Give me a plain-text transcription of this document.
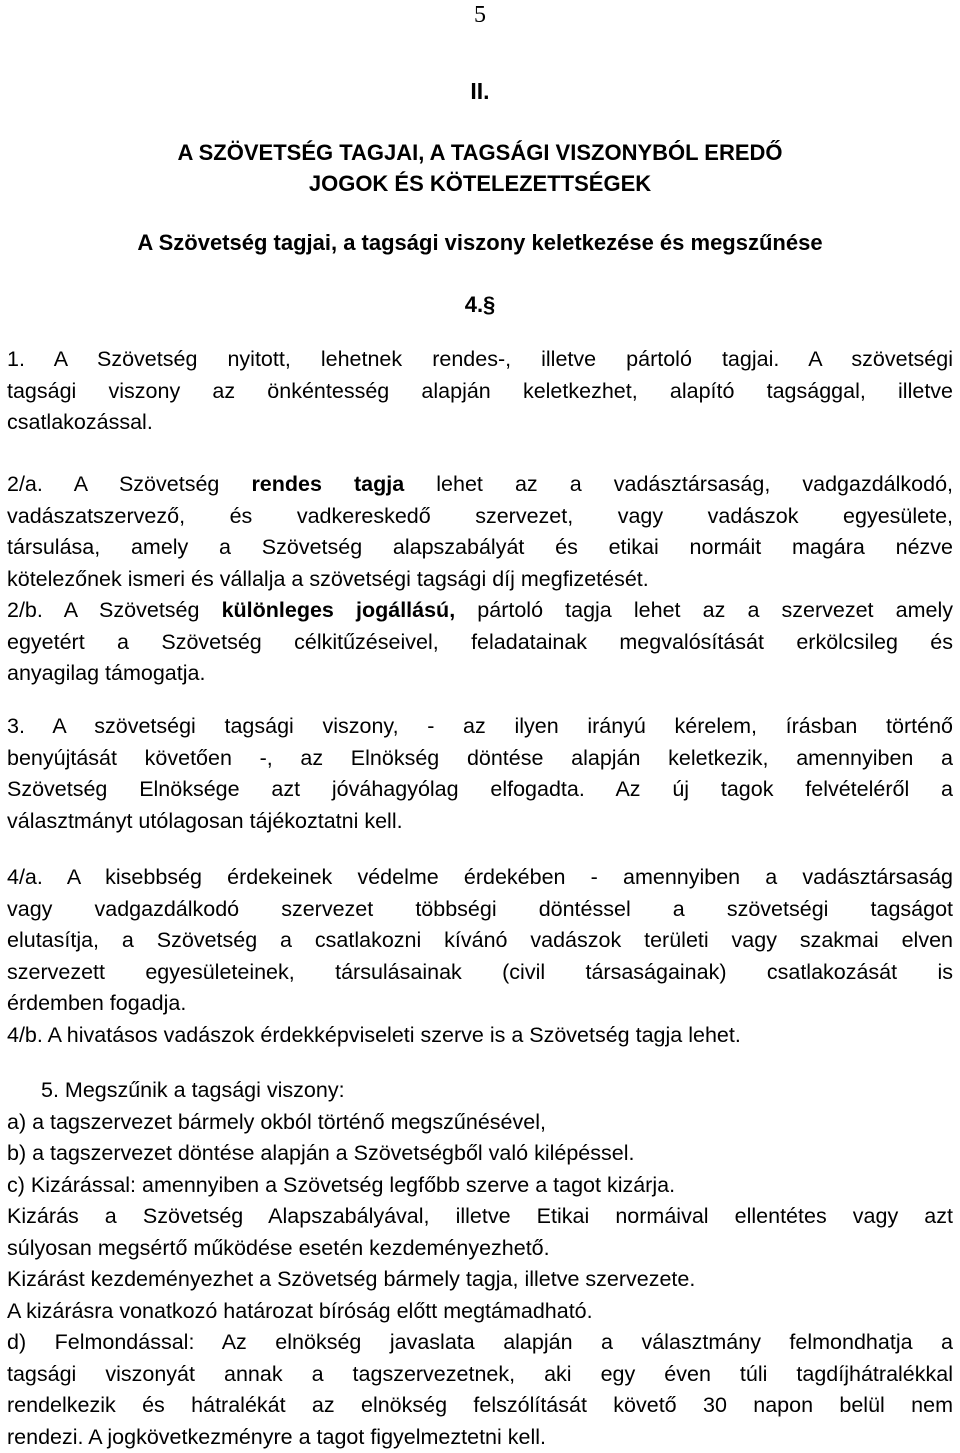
5
II.
A SZÖVETSÉG TAGJAI, A TAGSÁGI VISZONYBÓL EREDŐ
JOGOK ÉS KÖTELEZETTSÉGEK
A Szövetség tagjai, a tagsági viszony keletkezése és megszűnése
4.§
1. A Szövetség nyitott, lehetnek rendes-, illetve pártoló tagjai. A szövetségi
tagsági viszony az önkéntesség alapján keletkezhet, alapító tagsággal, illetve
csatlakozással.
2/a. A Szövetség rendes tagja lehet az a vadásztársaság, vadgazdálkodó,
vadászatszervező, és vadkereskedő szervezet, vagy vadászok egyesülete,
társulása, amely a Szövetség alapszabályát és etikai normáit magára nézve
kötelezőnek ismeri és vállalja a szövetségi tagsági díj megfizetését.
2/b. A Szövetség különleges jogállású, pártoló tagja lehet az a szervezet amely
egyetért a Szövetség célkitűzéseivel, feladatainak megvalósítását erkölcsileg és
anyagilag támogatja.
3. A szövetségi tagsági viszony, - az ilyen irányú kérelem, írásban történő
benyújtását követően -, az Elnökség döntése alapján keletkezik, amennyiben a
Szövetség Elnöksége azt jóváhagyólag elfogadta. Az új tagok felvételéről a
választmányt utólagosan tájékoztatni kell.
4/a. A kisebbség érdekeinek védelme érdekében - amennyiben a vadásztársaság
vagy vadgazdálkodó szervezet többségi döntéssel a szövetségi tagságot
elutasítja, a Szövetség a csatlakozni kívánó vadászok területi vagy szakmai elven
szervezett egyesületeinek, társulásainak (civil társaságainak) csatlakozását is
érdemben fogadja.
4/b. A hivatásos vadászok érdekképviseleti szerve is a Szövetség tagja lehet.
5. Megszűnik a tagsági viszony:
a) a tagszervezet bármely okból történő megszűnésével,
b) a tagszervezet döntése alapján a Szövetségből való kilépéssel.
c) Kizárással: amennyiben a Szövetség legfőbb szerve a tagot kizárja.
Kizárás a Szövetség Alapszabályával, illetve Etikai normáival ellentétes vagy azt
súlyosan megsértő működése esetén kezdeményezhető.
Kizárást kezdeményezhet a Szövetség bármely tagja, illetve szervezete.
A kizárásra vonatkozó határozat bíróság előtt megtámadható.
d) Felmondással: Az elnökség javaslata alapján a választmány felmondhatja a
tagsági viszonyát annak a tagszervezetnek, aki egy éven túli tagdíjhátralékkal
rendelkezik és hátralékát az elnökség felszólítását követő 30 napon belül nem
rendezi. A jogkövetkezményre a tagot figyelmeztetni kell.
